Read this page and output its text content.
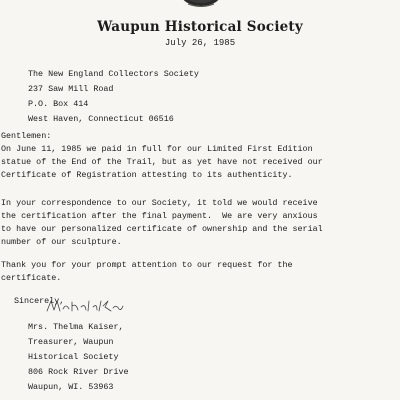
Waupun Historical Society
July 26, 1985
The New England Collectors Society
237 Saw Mill Road
P.O. Box 414
West Haven, Connecticut 06516
Gentlemen:
On June 11, 1985 we paid in full for our Limited First Edition
statue of the End of the Trail, but as yet have not received our
Certificate of Registration attesting to its authenticity.
In your correspondence to our Society, it told we would receive
the certification after the final payment.  We are very anxious
to have our personalized certificate of ownership and the serial
number of our sculpture.
Thank you for your prompt attention to our request for the
certificate.
Sincerely,
Mrs. Thelma Kaiser,
Treasurer, Waupun
Historical Society
806 Rock River Drive
Waupun, WI. 53963
